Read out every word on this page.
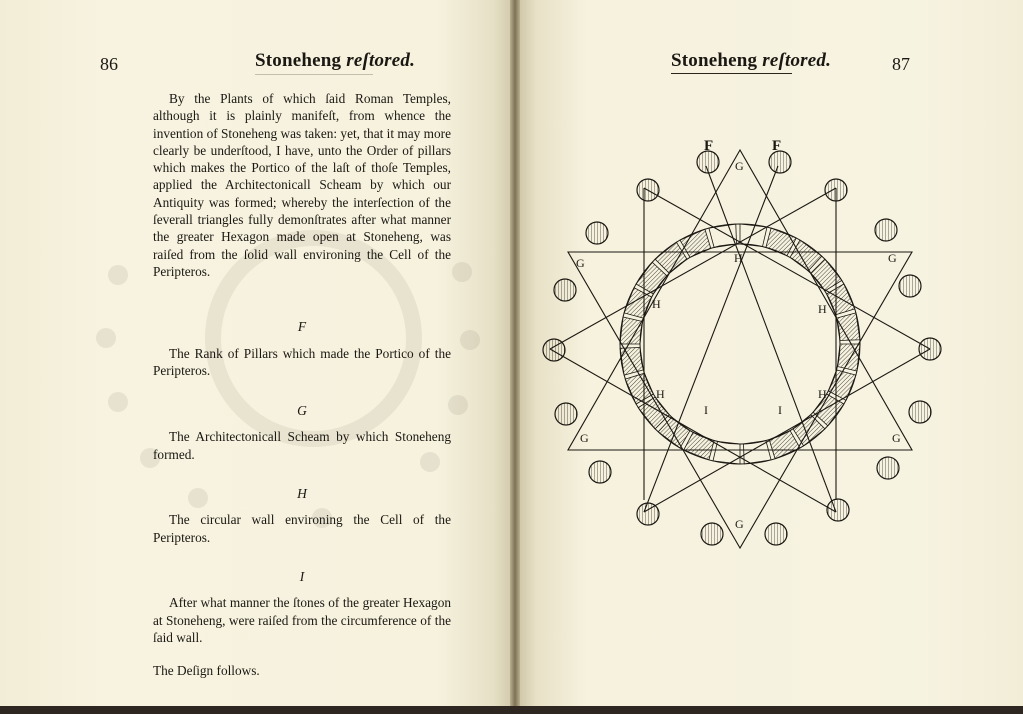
86	Stoneheng reſtored.

By the Plants of which ſaid Roman Temples, although it is plainly manifeſt, from whence the invention of Stoneheng was taken: yet, that it may more clearly be underſtood, I have, unto the Order of pillars which makes the Portico of the laſt of thoſe Temples, applied the Architectonicall Scheam by which our Antiquity was formed; whereby the interſection of the ſeverall triangles fully demonſtrates after what manner the greater Hexagon made open at Stoneheng, was raiſed from the ſolid wall environing the Cell of the Peripteros.

F

The Rank of Pillars which made the Portico of the Peripteros.

G

The Architectonicall Scheam by which Stoneheng formed.

H

The circular wall environing the Cell of the Peripteros.

I

After what manner the ſtones of the greater Hexagon at Stoneheng, were raiſed from the circumference of the ſaid wall.

The Deſign follows.

87
Stoneheng reſtored.
F	F
G
G	G
G	G
G
H
H	H
H	H
I	I
